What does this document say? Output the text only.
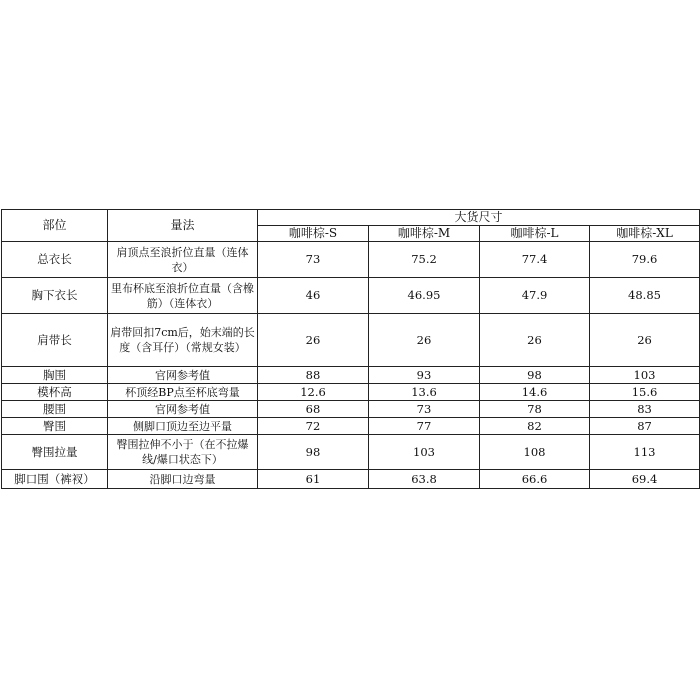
部位	量法	大货尺寸			
		咖啡棕-S	咖啡棕-M	咖啡棕-L	咖啡棕-XL
总衣长	肩顶点至浪折位直量（连体衣）	73	75.2	77.4	79.6
胸下衣长	里布杯底至浪折位直量（含橡筋）（连体衣）	46	46.95	47.9	48.85
肩带长	肩带回扣7cm后，始末端的长度（含耳仔）（常规女装）	26	26	26	26
胸围	官网参考值	88	93	98	103
模杯高	杯顶经BP点至杯底弯量	12.6	13.6	14.6	15.6
腰围	官网参考值	68	73	78	83
臀围	侧脚口顶边至边平量	72	77	82	87
臀围拉量	臀围拉伸不小于（在不拉爆线/爆口状态下）	98	103	108	113
脚口围（裤衩）	沿脚口边弯量	61	63.8	66.6	69.4
